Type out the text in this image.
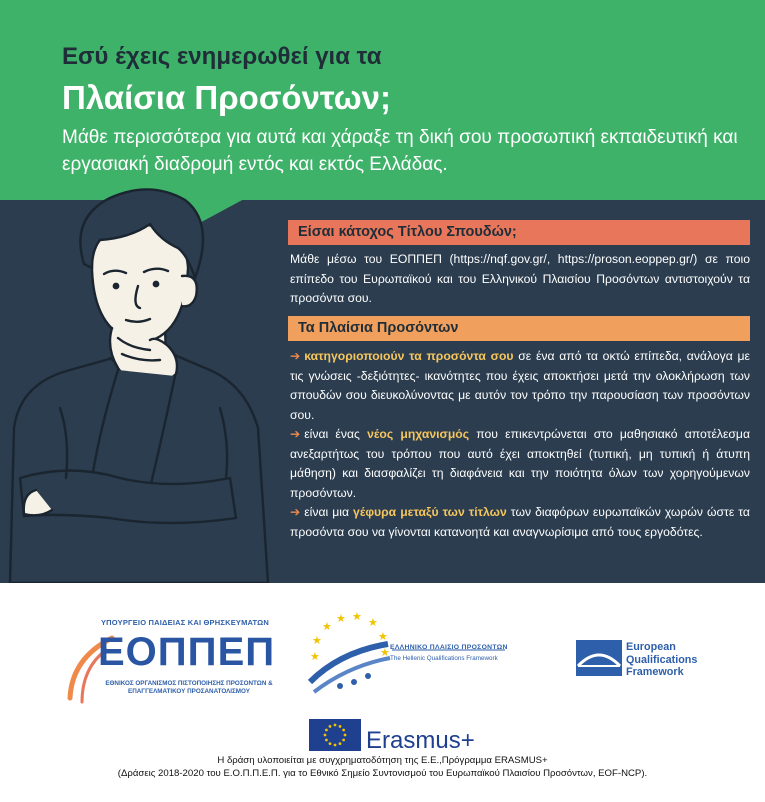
Εσύ έχεις ενημερωθεί για τα
Πλαίσια Προσόντων;
Μάθε περισσότερα για αυτά και χάραξε τη δική σου προσωπική εκπαιδευτική και εργασιακή διαδρομή εντός και εκτός Ελλάδας.
Είσαι κάτοχος Τίτλου Σπουδών;

Μάθε μέσω του ΕΟΠΠΕΠ (https://nqf.gov.gr/, https://proson.eoppep.gr/) σε ποιο επίπεδο του Ευρωπαϊκού και του Ελληνικού Πλαισίου Προσόντων αντιστοιχούν τα προσόντα σου.

Τα Πλαίσια Προσόντων

➔ κατηγοριοποιούν τα προσόντα σου σε ένα από τα οκτώ επίπεδα, ανάλογα με τις γνώσεις -δεξιότητες- ικανότητες που έχεις αποκτήσει μετά την ολοκλήρωση των σπουδών σου διευκολύνοντας με αυτόν τον τρόπο την παρουσίαση των προσόντων σου.

➔ είναι ένας νέος μηχανισμός που επικεντρώνεται στο μαθησιακό αποτέλεσμα ανεξαρτήτως του τρόπου που αυτό έχει αποκτηθεί (τυπική, μη τυπική ή άτυπη μάθηση) και διασφαλίζει τη διαφάνεια και την ποιότητα όλων των χορηγούμενων προσόντων.

➔ είναι μια γέφυρα μεταξύ των τίτλων των διαφόρων ευρωπαϊκών χωρών ώστε τα προσόντα σου να γίνονται κατανοητά και αναγνωρίσιμα από τους εργοδότες.

ΥΠΟΥΡΓΕΙΟ ΠΑΙΔΕΙΑΣ ΚΑΙ ΘΡΗΣΚΕΥΜΑΤΩΝ
ΕΟΠΠΕΠ
ΕΘΝΙΚΟΣ ΟΡΓΑΝΙΣΜΟΣ ΠΙΣΤΟΠΟΙΗΣΗΣ ΠΡΟΣΟΝΤΩΝ & ΕΠΑΓΓΕΛΜΑΤΙΚΟΥ ΠΡΟΣΑΝΑΤΟΛΙΣΜΟΥ
★
★ ★ ★
★	★
★	★ ΕΛΛΗΝΙΚΟ ΠΛΑΙΣΙΟ ΠΡΟΣΟΝΤΩΝ
The Hellenic Qualifications Framework
European
Qualifications
Framework
Erasmus+
Η δράση υλοποιείται με συγχρηματοδότηση της Ε.Ε.,Πρόγραμμα ERASMUS+
(Δράσεις 2018-2020 του Ε.Ο.Π.Π.Ε.Π. για το Εθνικό Σημείο Συντονισμού του Ευρωπαϊκού Πλαισίου Προσόντων, EOF-NCP).
